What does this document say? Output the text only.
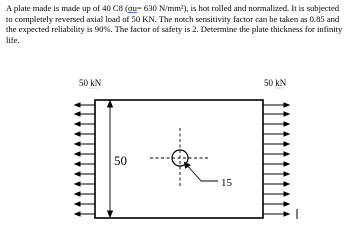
A plate made is made up of 40 C8 (σu= 630 N/mm²), is hot rolled and normalized. It is subjected to completely reversed axial load of 50 KN. The notch sensitivity factor can be taken as 0.85 and the expected reliability is 90%. The factor of safety is 2. Determine the plate thickness for infinity life.
50
15
50 kN	50 kN
